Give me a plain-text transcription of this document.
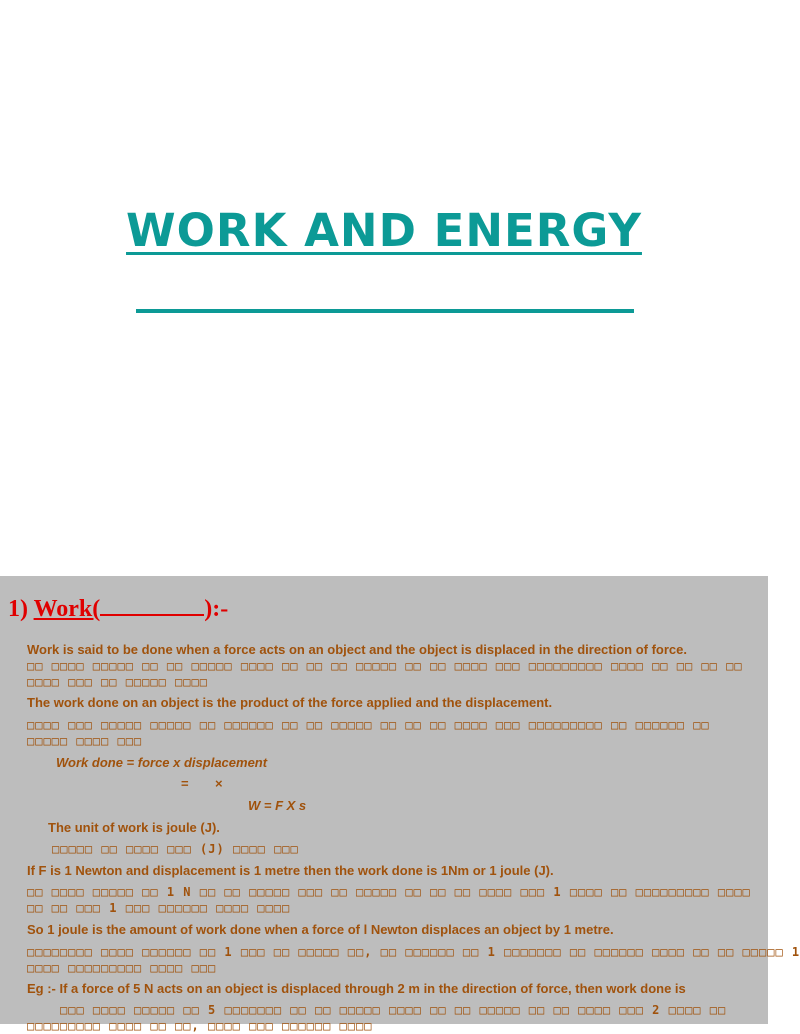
WORK AND ENERGY
1) Work(	):-

Work is said to be done when a force acts on an object and the object is displaced in the direction of force.

□□ □□□□ □□□□□ □□ □□ □□□□□ □□□□ □□ □□ □□ □□□□□ □□ □□ □□□□ □□□ □□□□□□□□□ □□□□ □□ □□ □□ □□

□□□□ □□□ □□ □□□□□ □□□□

The work done on an object is the product of the force applied and the displacement.

□□□□ □□□ □□□□□ □□□□□ □□ □□□□□□ □□ □□ □□□□□ □□ □□ □□ □□□□ □□□ □□□□□□□□□ □□ □□□□□□ □□

□□□□□ □□□□ □□□

Work done = force x displacement

= ×

W = F X s

The unit of work is joule (J).

□□□□□ □□ □□□□ □□□ (J) □□□□ □□□

If F is 1 Newton and displacement is 1 metre then the work done is 1Nm or 1 joule (J).

□□ □□□□ □□□□□ □□ 1 N □□ □□ □□□□□ □□□ □□ □□□□□ □□ □□ □□ □□□□ □□□ 1 □□□□ □□ □□□□□□□□□ □□□□

□□ □□ □□□ 1 □□□ □□□□□□ □□□□ □□□□

So 1 joule is the amount of work done when a force of l Newton displaces an object by 1 metre.

□□□□□□□□ □□□□ □□□□□□ □□ 1 □□□ □□ □□□□□ □□, □□ □□□□□□ □□ 1 □□□□□□□ □□ □□□□□□ □□□□ □□ □□ □□□□□ 1

□□□□ □□□□□□□□□ □□□□ □□□

Eg :- If a force of 5 N acts on an object is displaced through 2 m in the direction of force, then work done is

□□□ □□□□ □□□□□ □□ 5 □□□□□□□ □□ □□ □□□□□ □□□□ □□ □□ □□□□□ □□ □□ □□□□ □□□ 2 □□□□ □□

□□□□□□□□□ □□□□ □□ □□, □□□□ □□□ □□□□□□ □□□□
